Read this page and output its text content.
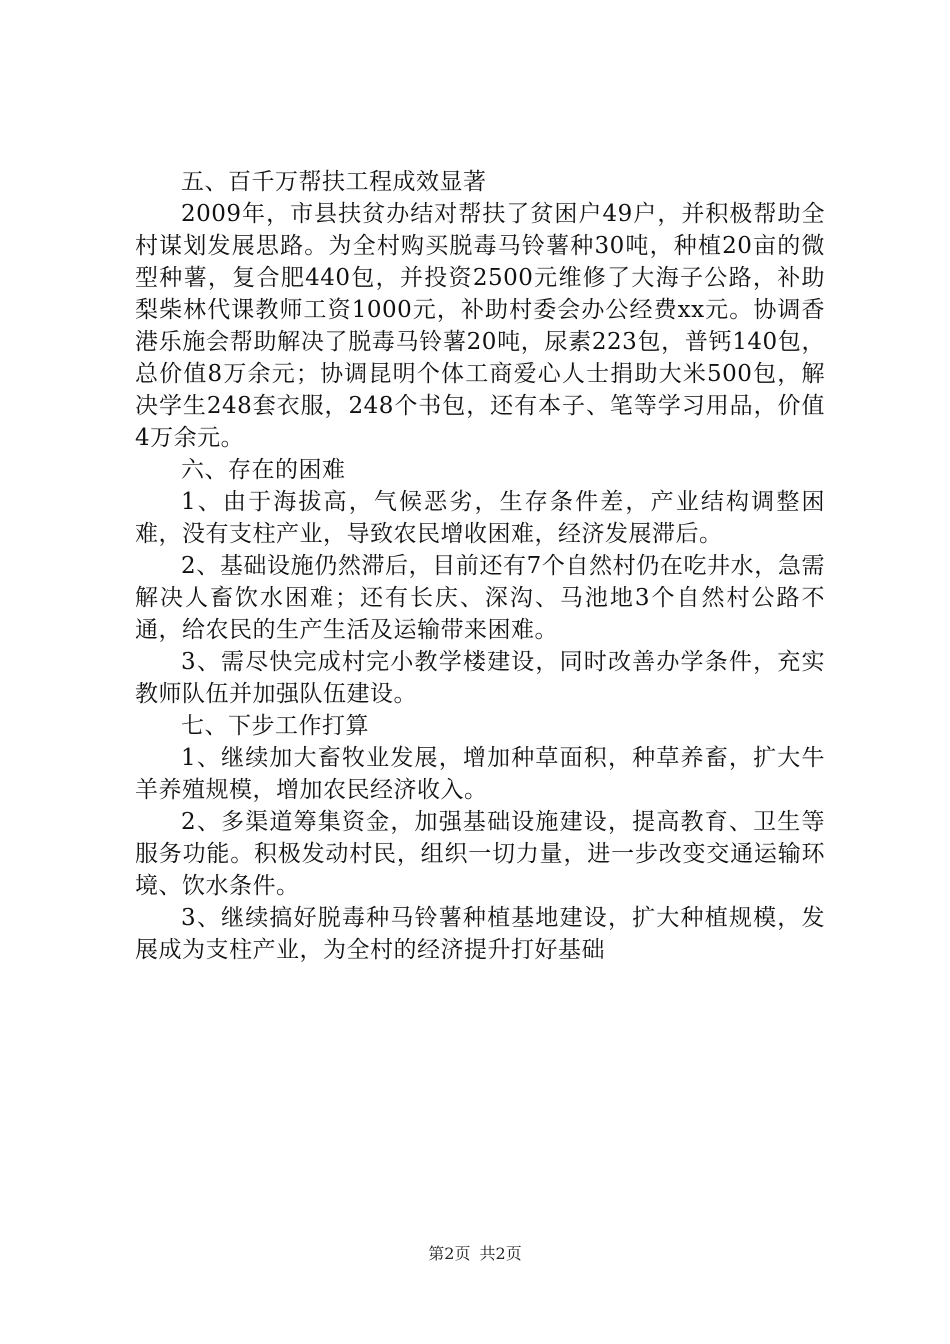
五、百千万帮扶工程成效显著

2009年，市县扶贫办结对帮扶了贫困户49户，并积极帮助全村谋划发展思路。为全村购买脱毒马铃薯种30吨，种植20亩的微型种薯，复合肥440包，并投资2500元维修了大海子公路，补助梨柴林代课教师工资1000元，补助村委会办公经费xx元。协调香港乐施会帮助解决了脱毒马铃薯20吨，尿素223包，普钙140包，总价值8万余元；协调昆明个体工商爱心人士捐助大米500包，解决学生248套衣服，248个书包，还有本子、笔等学习用品，价值4万余元。

六、存在的困难

1、由于海拔高，气候恶劣，生存条件差，产业结构调整困难，没有支柱产业，导致农民增收困难，经济发展滞后。

2、基础设施仍然滞后，目前还有7个自然村仍在吃井水，急需解决人畜饮水困难；还有长庆、深沟、马池地3个自然村公路不通，给农民的生产生活及运输带来困难。

3、需尽快完成村完小教学楼建设，同时改善办学条件，充实教师队伍并加强队伍建设。

七、下步工作打算

1、继续加大畜牧业发展，增加种草面积，种草养畜，扩大牛羊养殖规模，增加农民经济收入。

2、多渠道筹集资金，加强基础设施建设，提高教育、卫生等服务功能。积极发动村民，组织一切力量，进一步改变交通运输环境、饮水条件。

3、继续搞好脱毒种马铃薯种植基地建设，扩大种植规模，发展成为支柱产业，为全村的经济提升打好基础

第2页 共2页
